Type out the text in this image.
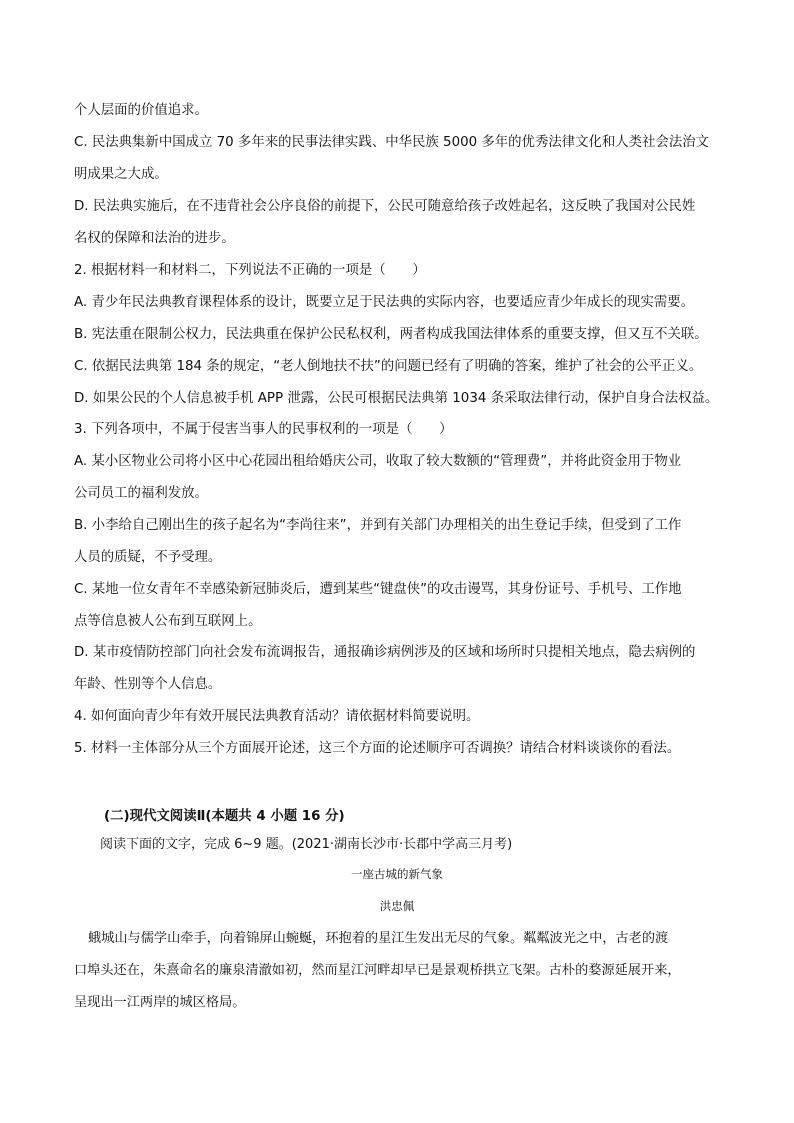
个人层面的价值追求。
C. 民法典集新中国成立 70 多年来的民事法律实践、中华民族 5000 多年的优秀法律文化和人类社会法治文
明成果之大成。
D. 民法典实施后，在不违背社会公序良俗的前提下，公民可随意给孩子改姓起名，这反映了我国对公民姓
名权的保障和法治的进步。
2. 根据材料一和材料二，下列说法不正确的一项是（　　）
A. 青少年民法典教育课程体系的设计，既要立足于民法典的实际内容，也要适应青少年成长的现实需要。
B. 宪法重在限制公权力，民法典重在保护公民私权利，两者构成我国法律体系的重要支撑，但又互不关联。
C. 依据民法典第 184 条的规定，“老人倒地扶不扶”的问题已经有了明确的答案，维护了社会的公平正义。
D. 如果公民的个人信息被手机 APP 泄露，公民可根据民法典第 1034 条采取法律行动，保护自身合法权益。
3. 下列各项中，不属于侵害当事人的民事权利的一项是（　　）
A. 某小区物业公司将小区中心花园出租给婚庆公司，收取了较大数额的“管理费”，并将此资金用于物业
公司员工的福利发放。
B. 小李给自己刚出生的孩子起名为“李尚往来”，并到有关部门办理相关的出生登记手续，但受到了工作
人员的质疑，不予受理。
C. 某地一位女青年不幸感染新冠肺炎后，遭到某些“键盘侠”的攻击谩骂，其身份证号、手机号、工作地
点等信息被人公布到互联网上。
D. 某市疫情防控部门向社会发布流调报告，通报确诊病例涉及的区域和场所时只提相关地点，隐去病例的
年龄、性别等个人信息。
4. 如何面向青少年有效开展民法典教育活动？请依据材料简要说明。
5. 材料一主体部分从三个方面展开论述，这三个方面的论述顺序可否调换？请结合材料谈谈你的看法。
(二)现代文阅读Ⅱ(本题共 4 小题 16 分)
阅读下面的文字，完成 6~9 题。(2021·湖南长沙市·长郡中学高三月考)
一座古城的新气象
洪忠佩
蛾城山与儒学山牵手，向着锦屏山蜿蜒，环抱着的星江生发出无尽的气象。粼粼波光之中，古老的渡
口埠头还在，朱熹命名的廉泉清澈如初，然而星江河畔却早已是景观桥拱立飞架。古朴的婺源延展开来，
呈现出一江两岸的城区格局。
